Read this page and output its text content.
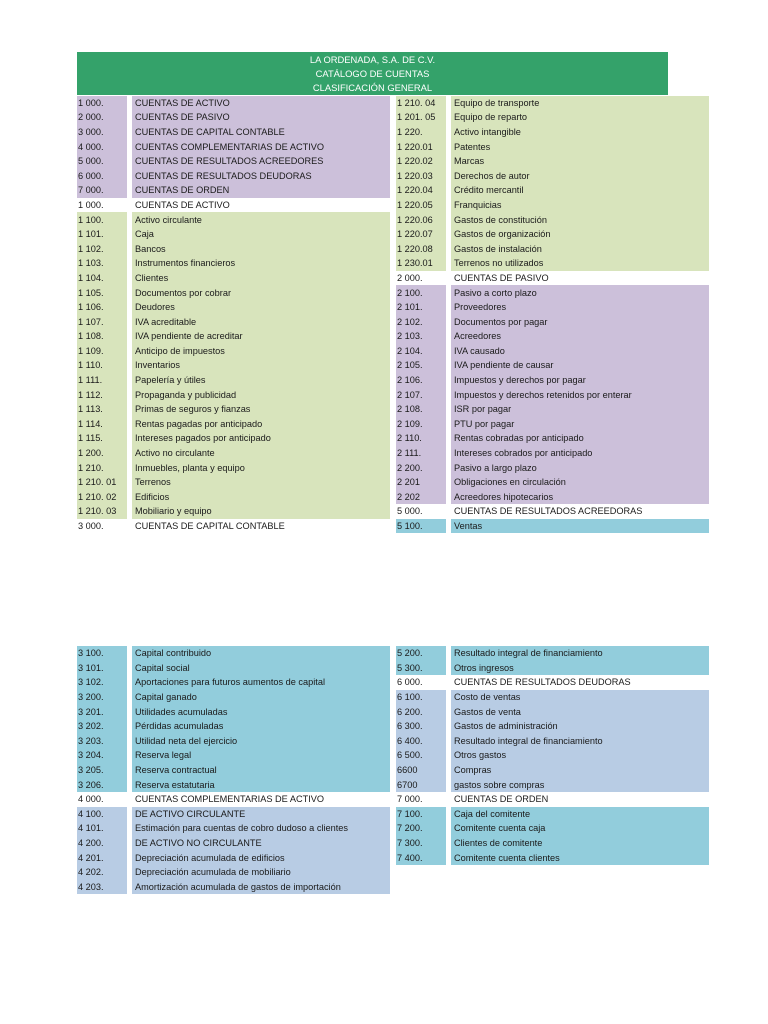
LA ORDENADA, S.A. DE C.V.
CATÁLOGO DE CUENTAS
CLASIFICACIÓN GENERAL
1 000.	CUENTAS DE ACTIVO
2 000.	CUENTAS DE PASIVO
3 000.	CUENTAS DE CAPITAL CONTABLE
4 000.	CUENTAS COMPLEMENTARIAS DE ACTIVO
5 000.	CUENTAS DE RESULTADOS ACREEDORES
6 000.	CUENTAS DE RESULTADOS DEUDORAS
7 000.	CUENTAS DE ORDEN
1 000.	CUENTAS DE ACTIVO
1 100.	Activo circulante
1 101.	Caja
1 102.	Bancos
1 103.	Instrumentos financieros
1 104.	Clientes
1 105.	Documentos por cobrar
1 106.	Deudores
1 107.	IVA acreditable
1 108.	IVA pendiente de acreditar
1 109.	Anticipo de impuestos
1 110.	Inventarios
1 111.	Papelería y útiles
1 112.	Propaganda y publicidad
1 113.	Primas de seguros y fianzas
1 114.	Rentas pagadas por anticipado
1 115.	Intereses pagados por anticipado
1 200.	Activo no circulante
1 210.	Inmuebles, planta y equipo
1 210. 01	Terrenos
1 210. 02	Edificios
1 210. 03	Mobiliario y equipo
3 000.	CUENTAS DE CAPITAL CONTABLE
1 210. 04	Equipo de transporte
1 201. 05	Equipo de reparto
1 220.	Activo intangible
1 220.01	Patentes
1 220.02	Marcas
1 220.03	Derechos de autor
1 220.04	Crédito mercantil
1 220.05	Franquicias
1 220.06	Gastos de constitución
1 220.07	Gastos de organización
1 220.08	Gastos de instalación
1 230.01	Terrenos no utilizados
2 000.	CUENTAS DE PASIVO
2 100.	Pasivo a corto plazo
2 101.	Proveedores
2 102.	Documentos por pagar
2 103.	Acreedores
2 104.	IVA causado
2 105.	IVA pendiente de causar
2 106.	Impuestos y derechos por pagar
2 107.	Impuestos y derechos retenidos por enterar
2 108.	ISR por pagar
2 109.	PTU por pagar
2 110.	Rentas cobradas por anticipado
2 111.	Intereses cobrados por anticipado
2 200.	Pasivo a largo plazo
2 201	Obligaciones en circulación
2 202	Acreedores hipotecarios
5 000.	CUENTAS DE RESULTADOS ACREEDORAS
5 100.	Ventas
3 100.	Capital contribuido
3 101.	Capital social
3 102.	Aportaciones para futuros aumentos de capital
3 200.	Capital ganado
3 201.	Utilidades acumuladas
3 202.	Pérdidas acumuladas
3 203.	Utilidad neta del ejercicio
3 204.	Reserva legal
3 205.	Reserva contractual
3 206.	Reserva estatutaria
4 000.	CUENTAS COMPLEMENTARIAS DE ACTIVO
4 100.	DE ACTIVO CIRCULANTE
4 101.	Estimación para cuentas de cobro dudoso a clientes
4 200.	DE ACTIVO NO CIRCULANTE
4 201.	Depreciación acumulada de edificios
4 202.	Depreciación acumulada de mobiliario
4 203.	Amortización acumulada de gastos de importación
5 200.	Resultado integral de financiamiento
5 300.	Otros ingresos
6 000.	CUENTAS DE RESULTADOS DEUDORAS
6 100.	Costo de ventas
6 200.	Gastos de venta
6 300.	Gastos de administración
6 400.	Resultado integral de financiamiento
6 500.	Otros gastos
6600	Compras
6700	gastos sobre compras
7 000.	CUENTAS DE ORDEN
7 100.	Caja del comitente
7 200.	Comitente cuenta caja
7 300.	Clientes de comitente
7 400.	Comitente cuenta clientes
